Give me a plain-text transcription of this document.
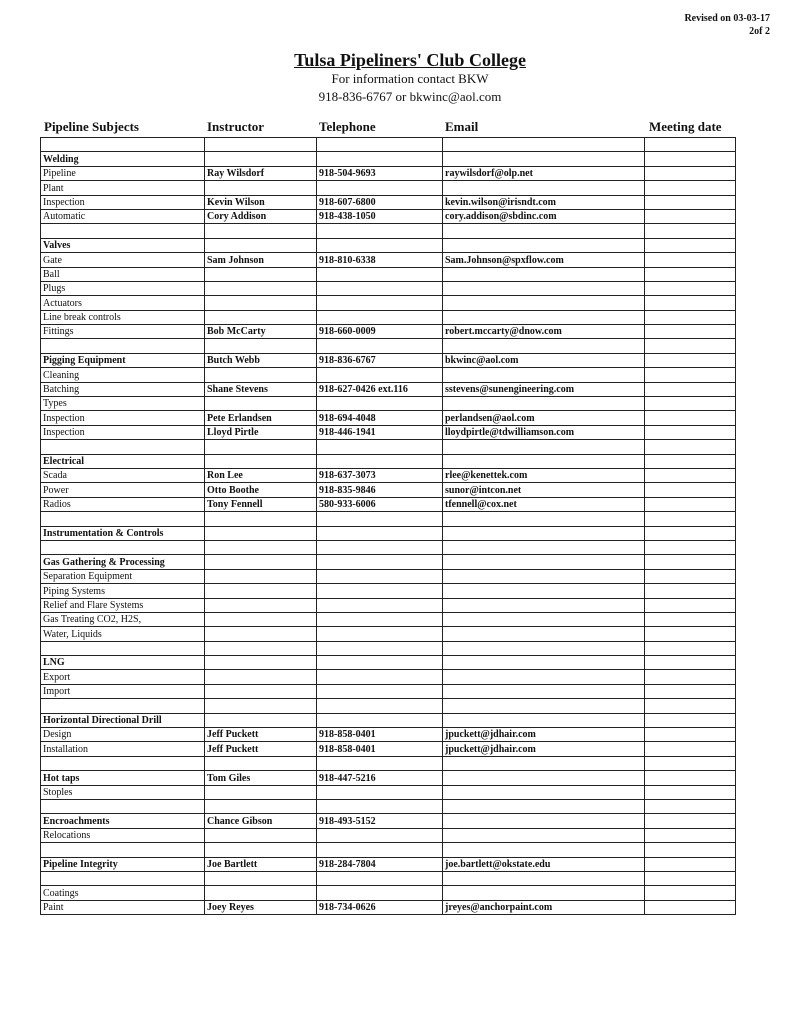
Revised on 03-03-17
2of 2
Tulsa Pipeliners' Club College
For information contact BKW
918-836-6767 or bkwinc@aol.com
Pipeline Subjects	Instructor	Telephone	Email	Meeting date

Welding				
Pipeline	Ray Wilsdorf	918-504-9693	raywilsdorf@olp.net	
Plant				
Inspection	Kevin Wilson	918-607-6800	kevin.wilson@irisndt.com	
Automatic	Cory Addison	918-438-1050	cory.addison@sbdinc.com	

Valves				
Gate	Sam Johnson	918-810-6338	Sam.Johnson@spxflow.com	
Ball				
Plugs				
Actuators				
Line break controls				
Fittings	Bob McCarty	918-660-0009	robert.mccarty@dnow.com	

Pigging Equipment	Butch Webb	918-836-6767	bkwinc@aol.com	
Cleaning				
Batching	Shane Stevens	918-627-0426 ext.116	sstevens@sunengineering.com	
Types				
Inspection	Pete Erlandsen	918-694-4048	perlandsen@aol.com	
Inspection	Lloyd Pirtle	918-446-1941	lloydpirtle@tdwilliamson.com	

Electrical				
Scada	Ron Lee	918-637-3073	rlee@kenettek.com	
Power	Otto Boothe	918-835-9846	sunor@intcon.net	
Radios	Tony Fennell	580-933-6006	tfennell@cox.net	

Instrumentation & Controls				

Gas Gathering & Processing				
Separation Equipment				
Piping Systems				
Relief and Flare Systems				
Gas Treating CO2, H2S,				
Water, Liquids				

LNG				
Export				
Import				

Horizontal Directional Drill				
Design	Jeff Puckett	918-858-0401	jpuckett@jdhair.com	
Installation	Jeff Puckett	918-858-0401	jpuckett@jdhair.com	

Hot taps	Tom Giles	918-447-5216		
Stoples				

Encroachments	Chance Gibson	918-493-5152		
Relocations				

Pipeline Integrity	Joe Bartlett	918-284-7804	joe.bartlett@okstate.edu	

Coatings				
Paint	Joey Reyes	918-734-0626	jreyes@anchorpaint.com	
